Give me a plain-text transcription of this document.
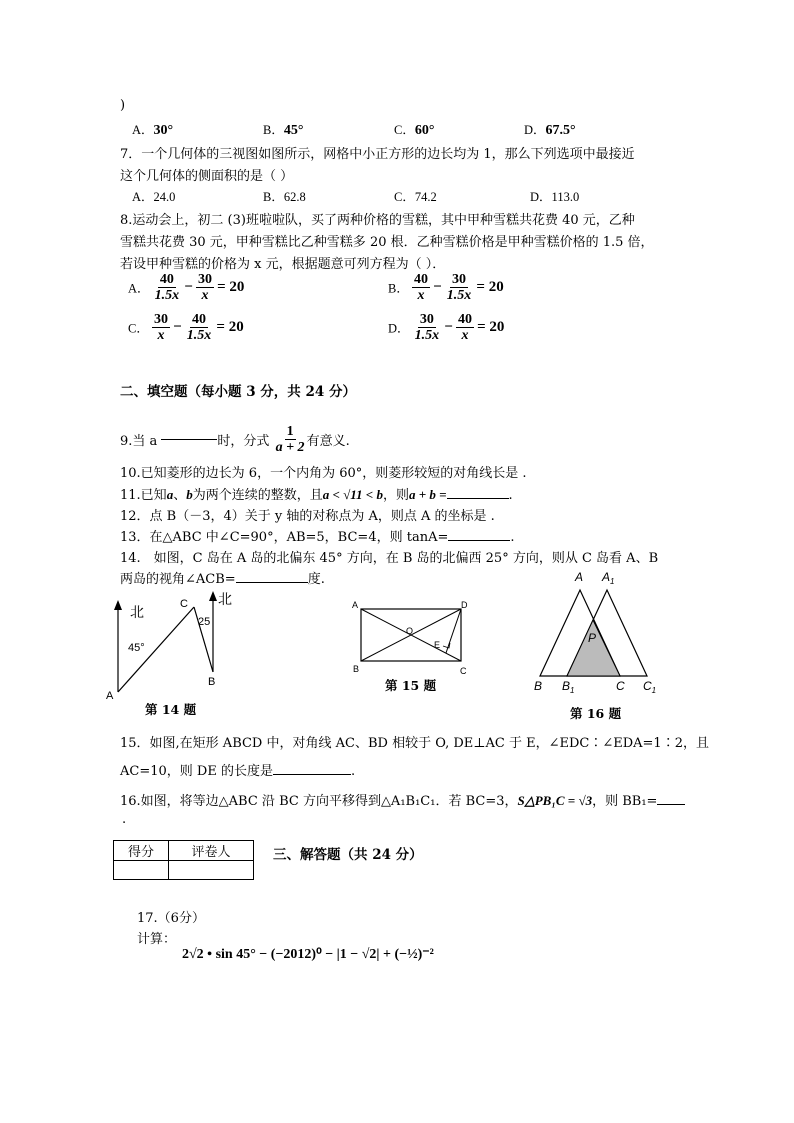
)
A．30°	B．45°	C．60°	D．67.5°
7．一个几何体的三视图如图所示，网格中小正方形的边长均为 1，那么下列选项中最接近
这个几何体的侧面积的是（ ）
A．24.0	B．62.8	C．74.2	D．113.0
8.运动会上，初二 (3)班啦啦队，买了两种价格的雪糕，其中甲种雪糕共花费 40 元，乙种
雪糕共花费 30 元，甲种雪糕比乙种雪糕多 20 根．乙种雪糕价格是甲种雪糕价格的 1.5 倍，
若设甲种雪糕的价格为 x 元，根据题意可列方程为（ ）．
A． $\frac{40}{1.5x} - \frac{30}{x} = 20$	B． $\frac{40}{x} - \frac{30}{1.5x} = 20$
C． $\frac{30}{x} - \frac{40}{1.5x} = 20$	D． $\frac{30}{1.5x} - \frac{40}{x} = 20$
二、填空题（每小题 3 分，共 24 分）
9.当 a	时，分式 $\frac{1}{a + 2}$ 有意义.
10.已知菱形的边长为 6，一个内角为 60°，则菱形较短的对角线长是 .
11.已知a、b为两个连续的整数，且a < √11 < b，则a + b =	.
12．点 B（－3，4）关于 y 轴的对称点为 A，则点 A 的坐标是 .
13．在△ABC 中∠C=90°，AB=5，BC=4，则 tanA=	.
14.　如图，C 岛在 A 岛的北偏东 45° 方向，在 B 岛的北偏西 25° 方向，则从 C 岛看 A、B
两岛的视角∠ACB=	度.
北
北
45°
25
A
B
C
第 14 题
A	D
B	C
O
E
第 15 题
A $A_1$
P
B $B_1$	C $C_1$
第 16 题
15．如图,在矩形 ABCD 中，对角线 AC、BD 相较于 O, DE⊥AC 于 E，∠EDC∶∠EDA=1∶2，且
AC=10，则 DE 的长度是	.
16.如图，将等边△ABC 沿 BC 方向平移得到△A₁B₁C₁．若 BC=3，S△PB₁C = √3，则 BB₁=
.
得分	评卷人
		三、解答题（共 24 分）
17.（6分）
计算：
2√2 • sin 45° − (−2012)⁰ − |1 − √2| + (−½)⁻²
